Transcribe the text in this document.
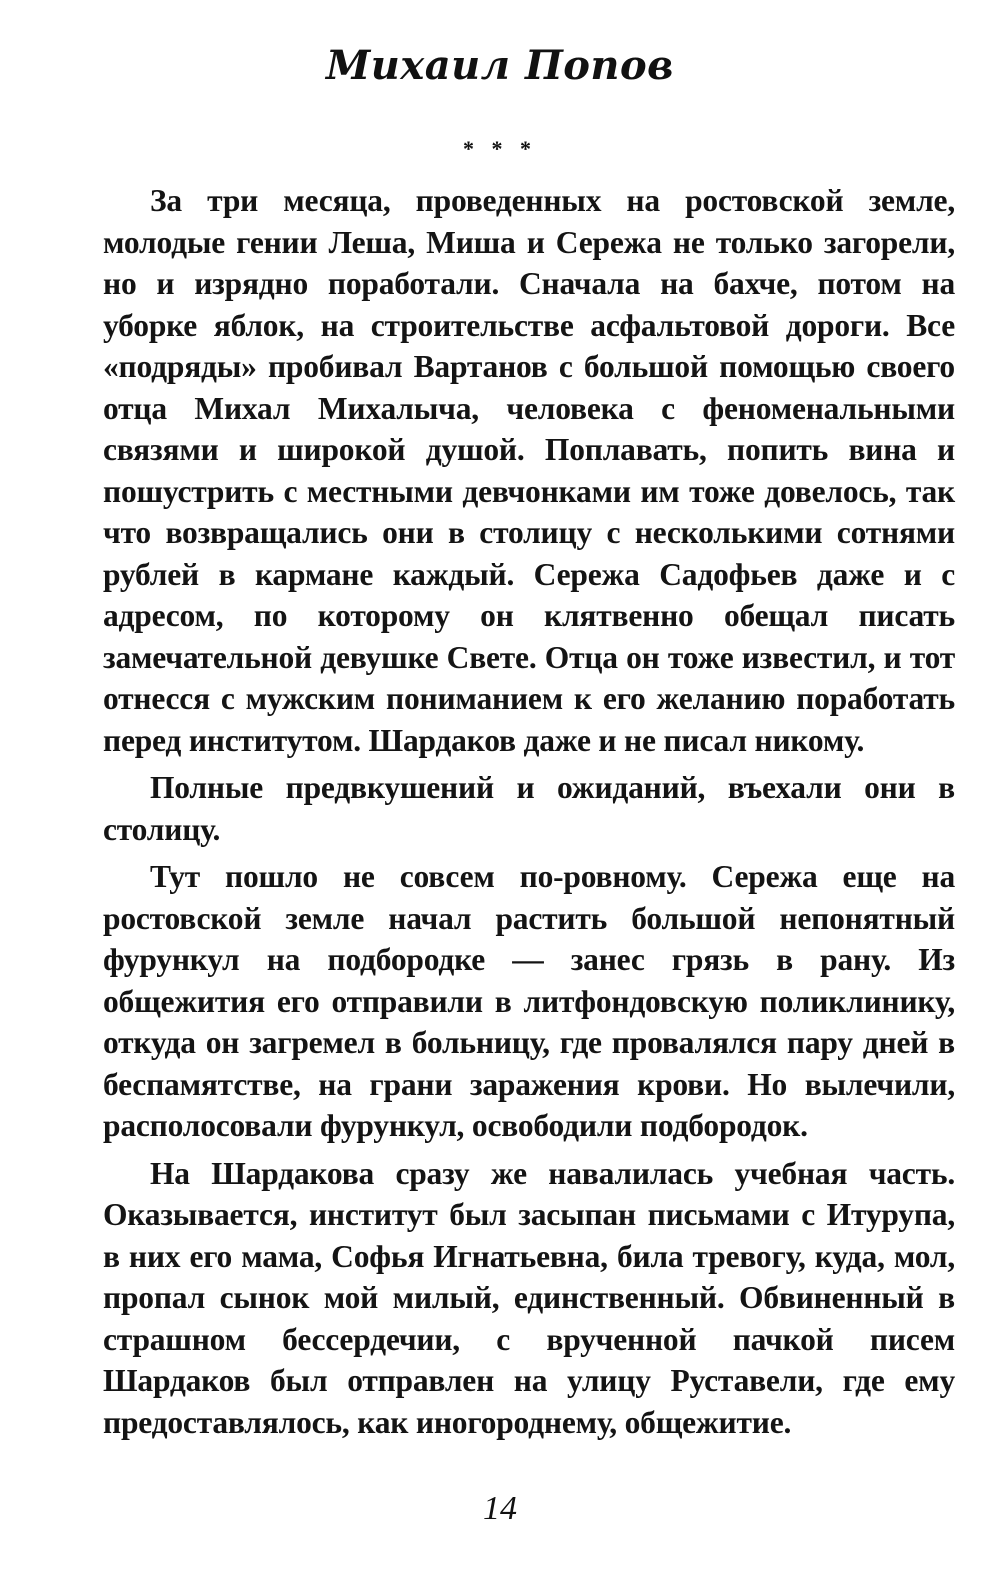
Михаил Попов
* * *

За три месяца, проведенных на ростовской земле, молодые гении Леша, Миша и Сережа не только загорели, но и изрядно поработали. Сначала на бахче, потом на уборке яблок, на строительстве асфальтовой дороги. Все «подряды» пробивал Вартанов с большой помощью своего отца Михал Михалыча, человека с феноменальными связями и широкой душой. Поплавать, попить вина и пошустрить с местными девчонками им тоже довелось, так что возвращались они в столицу с несколькими сотнями рублей в кармане каждый. Сережа Садофьев даже и с адресом, по которому он клятвенно обещал писать замечательной девушке Свете. Отца он тоже известил, и тот отнесся с мужским пониманием к его желанию поработать перед институтом. Шардаков даже и не писал никому.

Полные предвкушений и ожиданий, въехали они в столицу.

Тут пошло не совсем по-ровному. Сережа еще на ростовской земле начал растить большой непонятный фурункул на подбородке — занес грязь в рану. Из общежития его отправили в литфондовскую поликлинику, откуда он загремел в больницу, где провалялся пару дней в беспамятстве, на грани заражения крови. Но вылечили, располосовали фурункул, освободили подбородок.

На Шардакова сразу же навалилась учебная часть. Оказывается, институт был засыпан письмами с Итурупа, в них его мама, Софья Игнатьевна, била тревогу, куда, мол, пропал сынок мой милый, единственный. Обвиненный в страшном бессердечии, с врученной пачкой писем Шардаков был отправлен на улицу Руставели, где ему предоставлялось, как иногороднему, общежитие.

14
